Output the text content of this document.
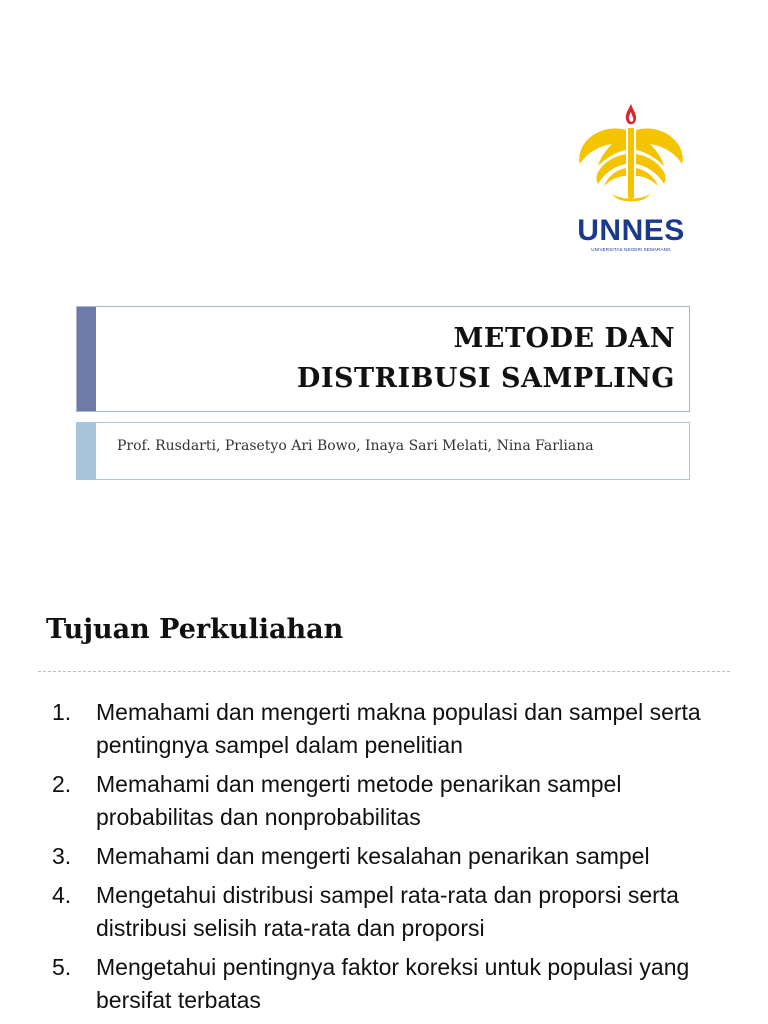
UNNES
UNIVERSITAS NEGERI SEMARANG
METODE DAN
DISTRIBUSI SAMPLING
Prof. Rusdarti, Prasetyo Ari Bowo, Inaya Sari Melati, Nina Farliana
Tujuan Perkuliahan
1.	Memahami dan mengerti makna populasi dan sampel serta pentingnya sampel dalam penelitian
2.	Memahami dan mengerti metode penarikan sampel probabilitas dan nonprobabilitas
3.	Memahami dan mengerti kesalahan penarikan sampel
4.	Mengetahui distribusi sampel rata-rata dan proporsi serta distribusi selisih rata-rata dan proporsi
5.	Mengetahui pentingnya faktor koreksi untuk populasi yang bersifat terbatas
